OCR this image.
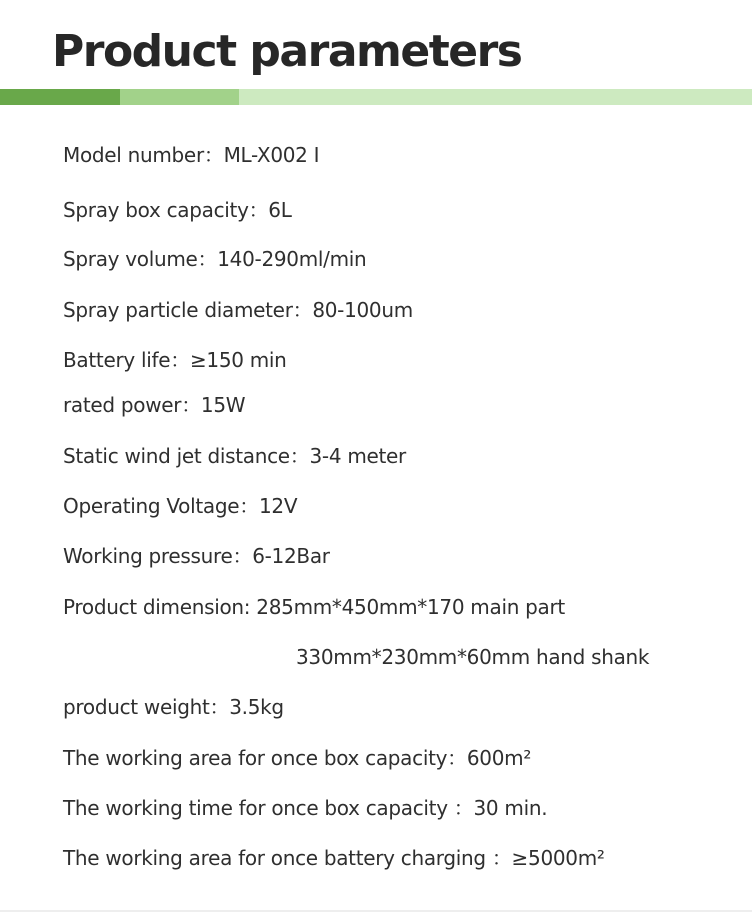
Product parameters

Model number：ML-X002 I

Spray box capacity：6L

Spray volume：140-290ml/min

Spray particle diameter：80-100um

Battery life：≥150 min

rated power：15W

Static wind jet distance：3-4 meter

Operating Voltage：12V

Working pressure：6-12Bar

Product dimension: 285mm*450mm*170 main part

330mm*230mm*60mm hand shank

product weight：3.5kg

The working area for once box capacity：600m²

The working time for once box capacity ：30 min.

The working area for once battery charging ：≥5000m²
